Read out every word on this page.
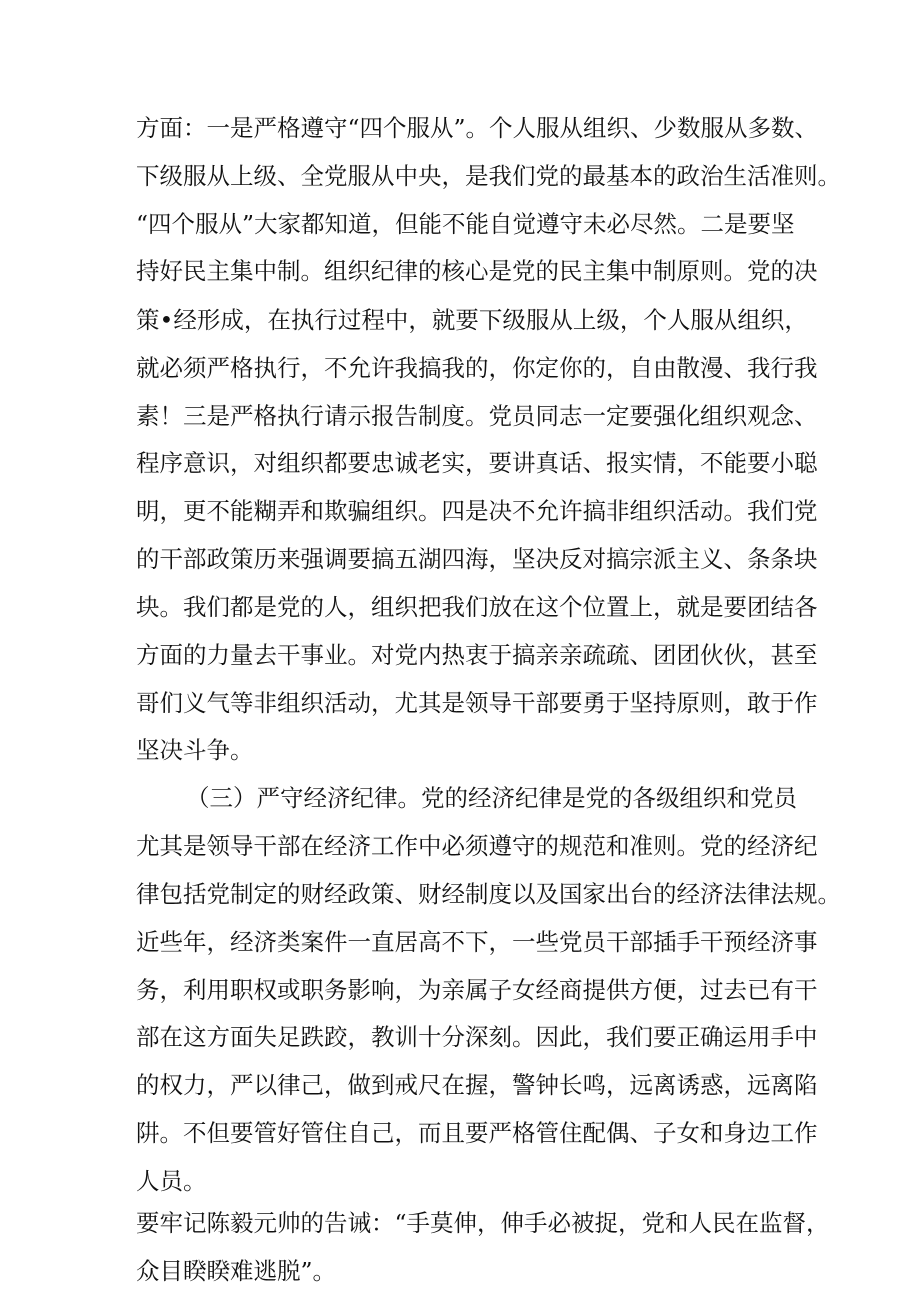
方面：一是严格遵守“四个服从”。个人服从组织、少数服从多数、
下级服从上级、全党服从中央，是我们党的最基本的政治生活准则。
“四个服从”大家都知道，但能不能自觉遵守未必尽然。二是要坚
持好民主集中制。组织纪律的核心是党的民主集中制原则。党的决
策•经形成，在执行过程中，就要下级服从上级，个人服从组织，
就必须严格执行，不允许我搞我的，你定你的，自由散漫、我行我
素！三是严格执行请示报告制度。党员同志一定要强化组织观念、
程序意识，对组织都要忠诚老实，要讲真话、报实情，不能要小聪
明，更不能糊弄和欺骗组织。四是决不允许搞非组织活动。我们党
的干部政策历来强调要搞五湖四海，坚决反对搞宗派主义、条条块
块。我们都是党的人，组织把我们放在这个位置上，就是要团结各
方面的力量去干事业。对党内热衷于搞亲亲疏疏、团团伙伙，甚至
哥们义气等非组织活动，尤其是领导干部要勇于坚持原则，敢于作
坚决斗争。
（三）严守经济纪律。党的经济纪律是党的各级组织和党员
尤其是领导干部在经济工作中必须遵守的规范和准则。党的经济纪
律包括党制定的财经政策、财经制度以及国家出台的经济法律法规。
近些年，经济类案件一直居高不下，一些党员干部插手干预经济事
务，利用职权或职务影响，为亲属子女经商提供方便，过去已有干
部在这方面失足跌跤，教训十分深刻。因此，我们要正确运用手中
的权力，严以律己，做到戒尺在握，警钟长鸣，远离诱惑，远离陷
阱。不但要管好管住自己，而且要严格管住配偶、子女和身边工作
人员。
要牢记陈毅元帅的告诫：“手莫伸，伸手必被捉，党和人民在监督，
众目睽睽难逃脱”。
